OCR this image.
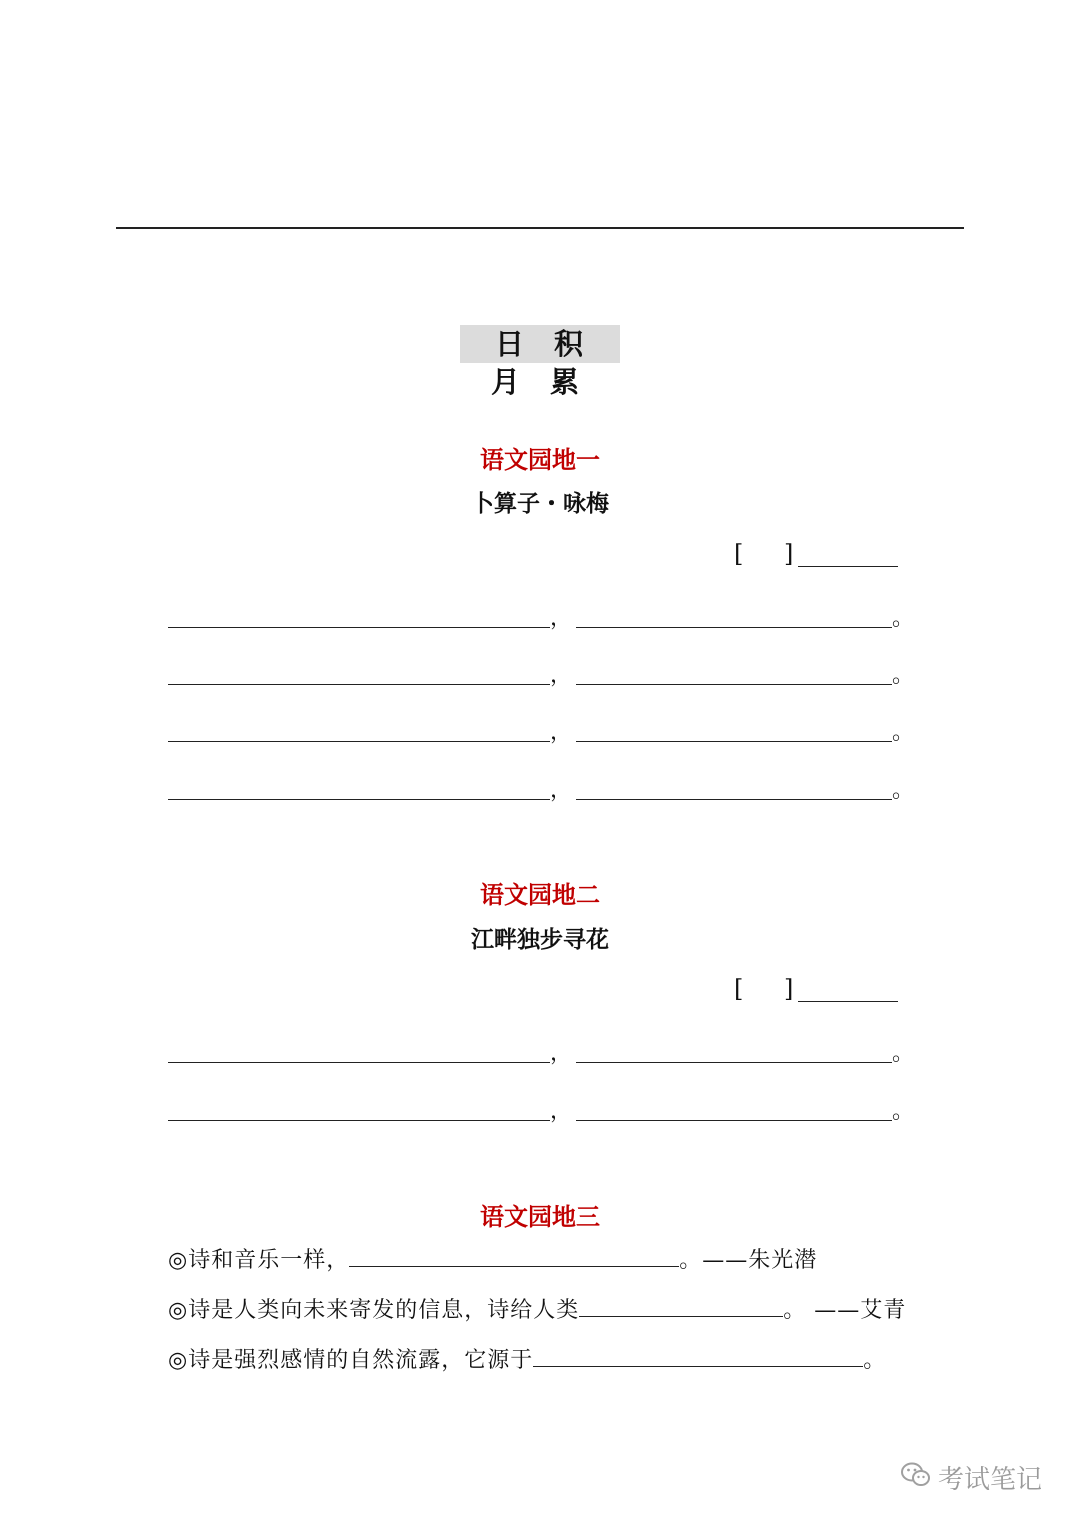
日 积 月 累
语文园地一
卜算子・咏梅
[ ]
，	。
，	。
，	。
，	。
语文园地二
江畔独步寻花
[ ]
，	。
，	。
语文园地三
◎诗和音乐一样，	。——朱光潜
◎诗是人类向未来寄发的信息，诗给人类	。 ——艾青
◎诗是强烈感情的自然流露，它源于	。
考试笔记
